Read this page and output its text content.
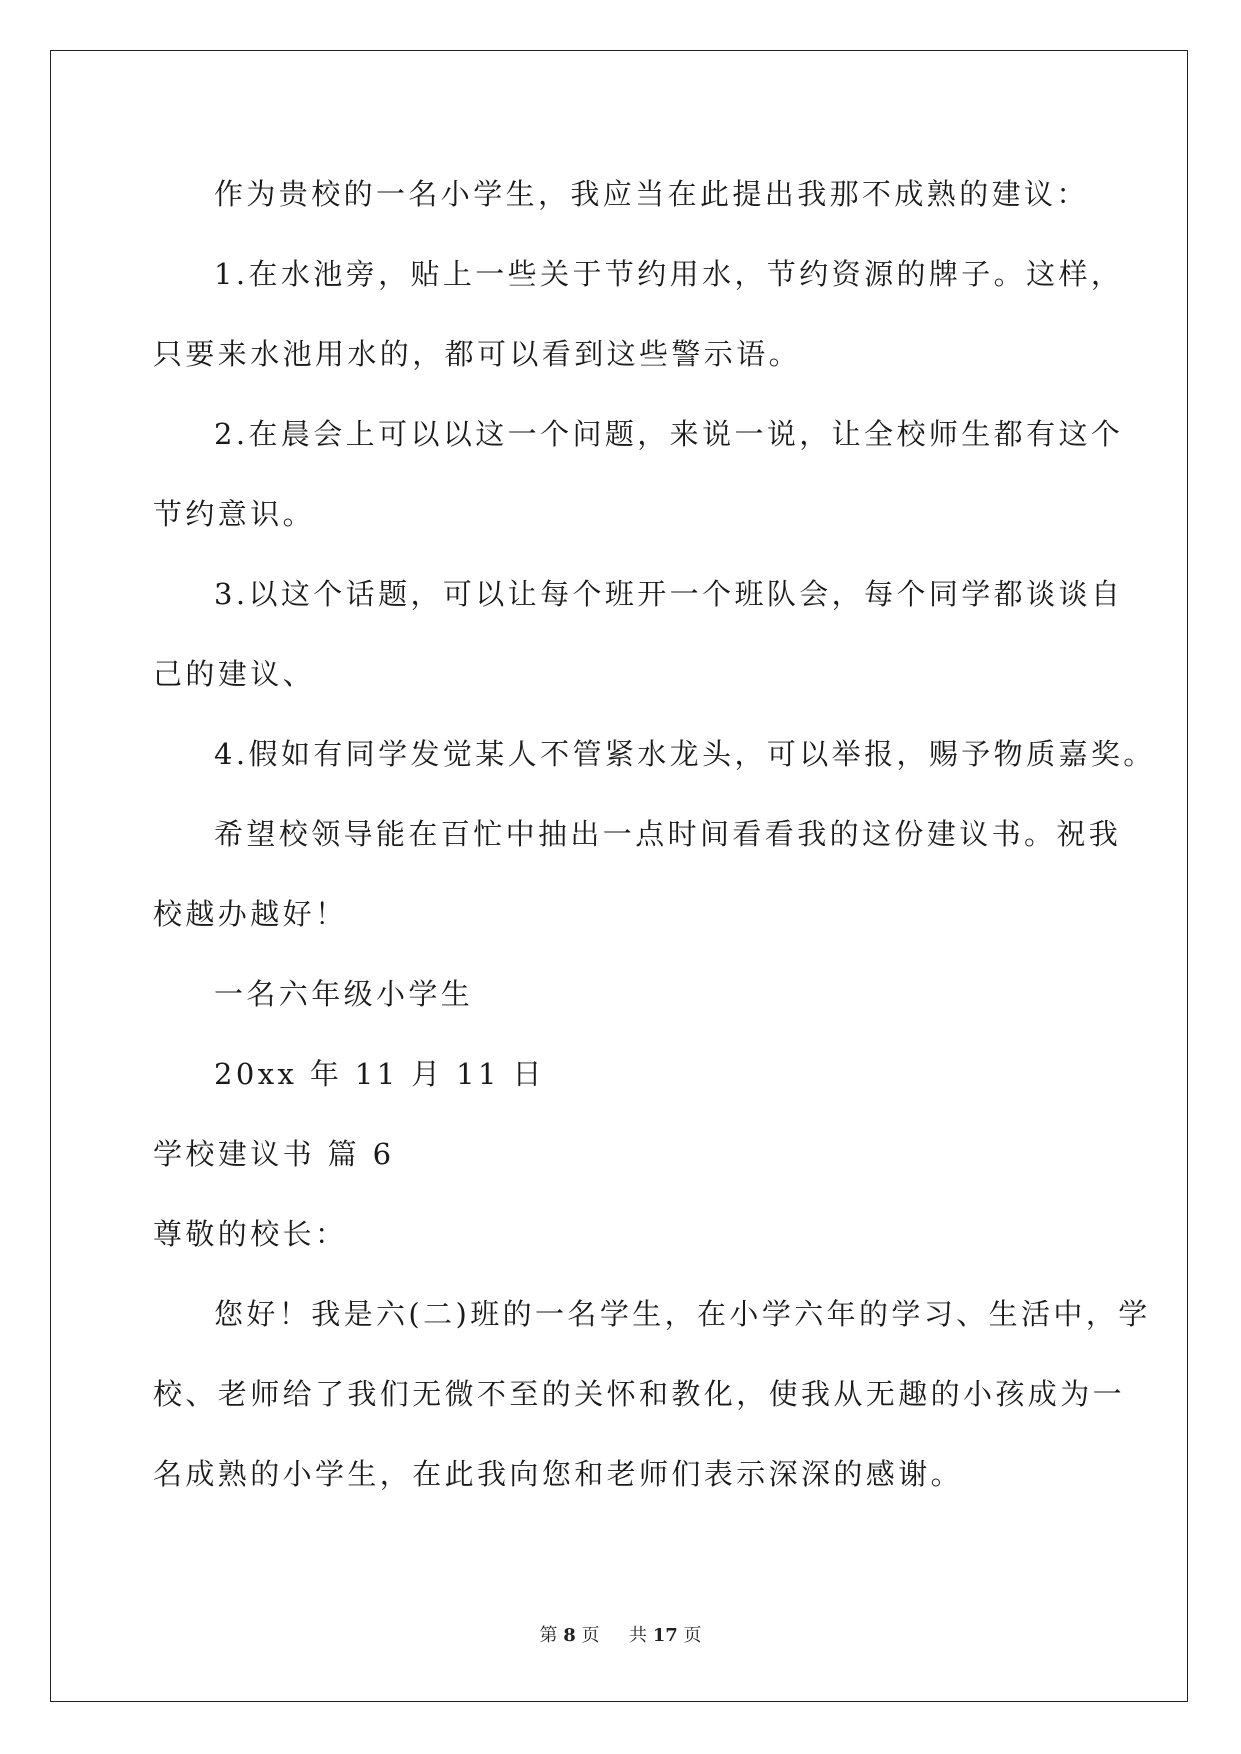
作为贵校的一名小学生，我应当在此提出我那不成熟的建议：
1.在水池旁，贴上一些关于节约用水，节约资源的牌子。这样，
只要来水池用水的，都可以看到这些警示语。
2.在晨会上可以以这一个问题，来说一说，让全校师生都有这个
节约意识。
3.以这个话题，可以让每个班开一个班队会，每个同学都谈谈自
己的建议、
4.假如有同学发觉某人不管紧水龙头，可以举报，赐予物质嘉奖。
希望校领导能在百忙中抽出一点时间看看我的这份建议书。祝我
校越办越好！
一名六年级小学生
20xx 年 11 月 11 日
学校建议书 篇 6
尊敬的校长：
您好！我是六(二)班的一名学生，在小学六年的学习、生活中，学
校、老师给了我们无微不至的关怀和教化，使我从无趣的小孩成为一
名成熟的小学生，在此我向您和老师们表示深深的感谢。
第 8 页 共 17 页
